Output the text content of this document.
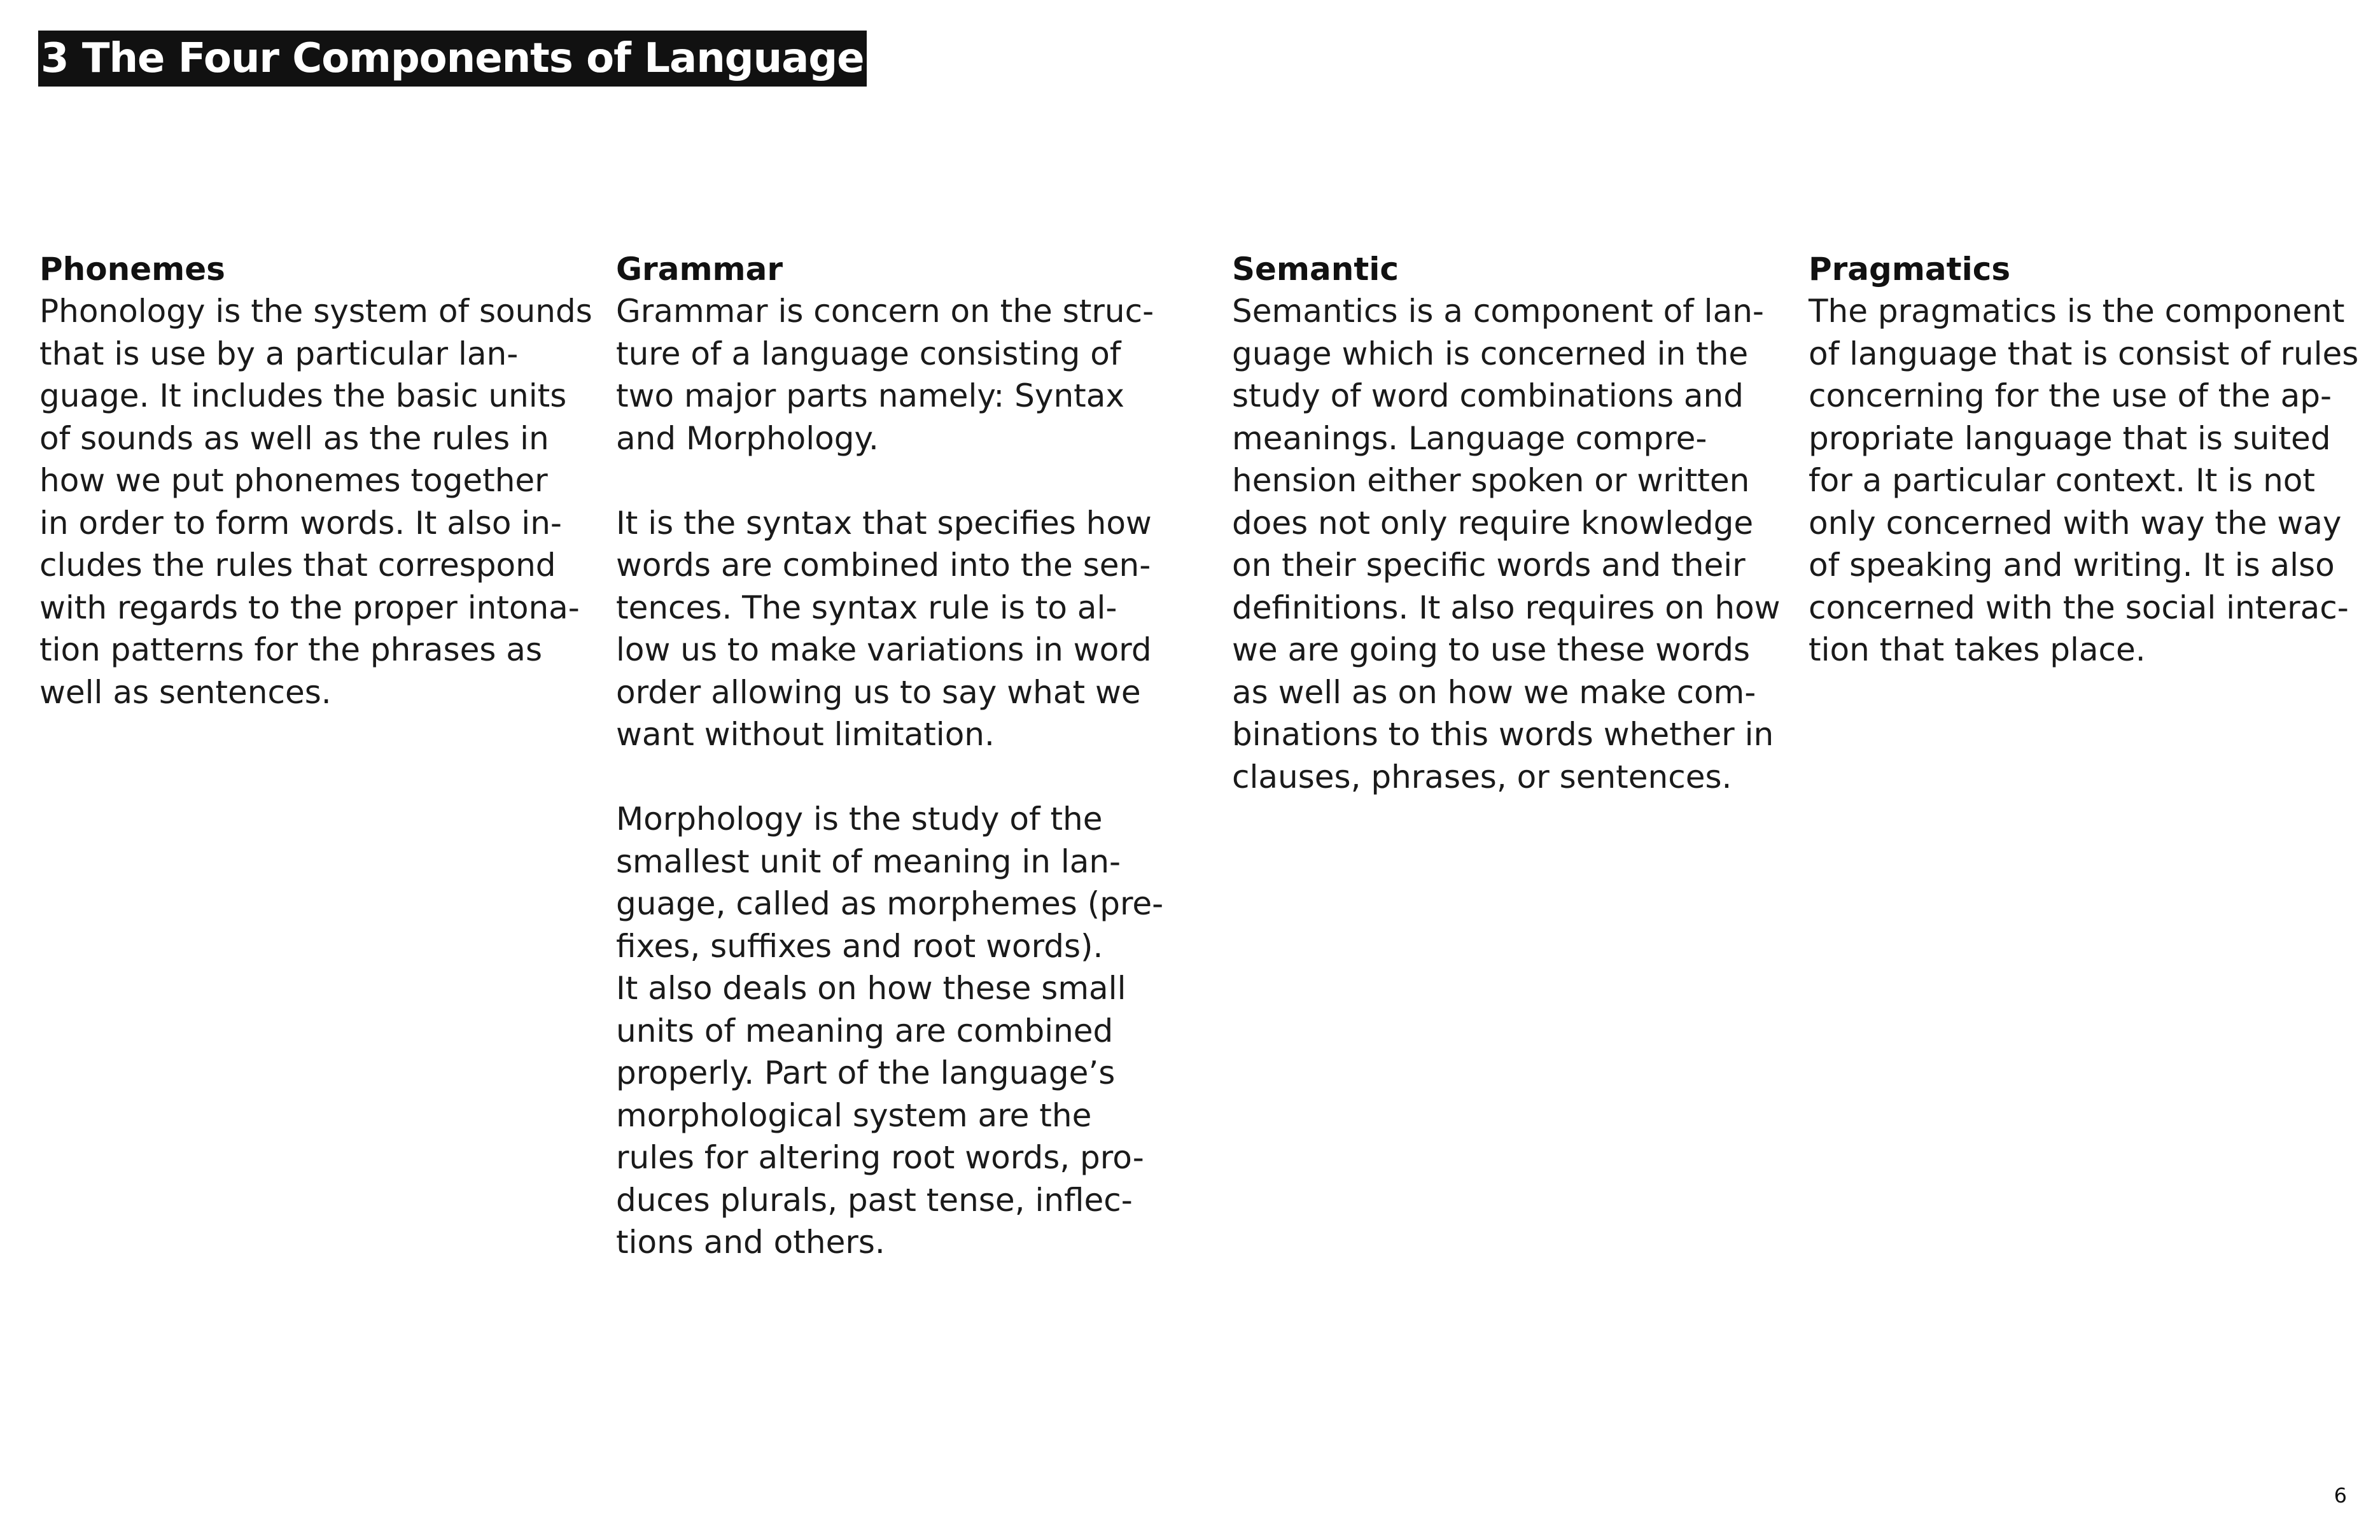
3 The Four Components of Language
Phonemes
Phonology is the system of sounds
that is use by a particular lan-
guage. It includes the basic units
of sounds as well as the rules in
how we put phonemes together
in order to form words. It also in-
cludes the rules that correspond
with regards to the proper intona-
tion patterns for the phrases as
well as sentences.
Grammar
Grammar is concern on the struc-
ture of a language consisting of
two major parts namely: Syntax
and Morphology.
It is the syntax that specifies how
words are combined into the sen-
tences. The syntax rule is to al-
low us to make variations in word
order allowing us to say what we
want without limitation.
Morphology is the study of the
smallest unit of meaning in lan-
guage, called as morphemes (pre-
fixes, suffixes and root words).
It also deals on how these small
units of meaning are combined
properly. Part of the language’s
morphological system are the
rules for altering root words, pro-
duces plurals, past tense, inflec-
tions and others.
Semantic
Semantics is a component of lan-
guage which is concerned in the
study of word combinations and
meanings. Language compre-
hension either spoken or written
does not only require knowledge
on their specific words and their
definitions. It also requires on how
we are going to use these words
as well as on how we make com-
binations to this words whether in
clauses, phrases, or sentences.
Pragmatics
The pragmatics is the component
of language that is consist of rules
concerning for the use of the ap-
propriate language that is suited
for a particular context. It is not
only concerned with way the way
of speaking and writing. It is also
concerned with the social interac-
tion that takes place.
6
